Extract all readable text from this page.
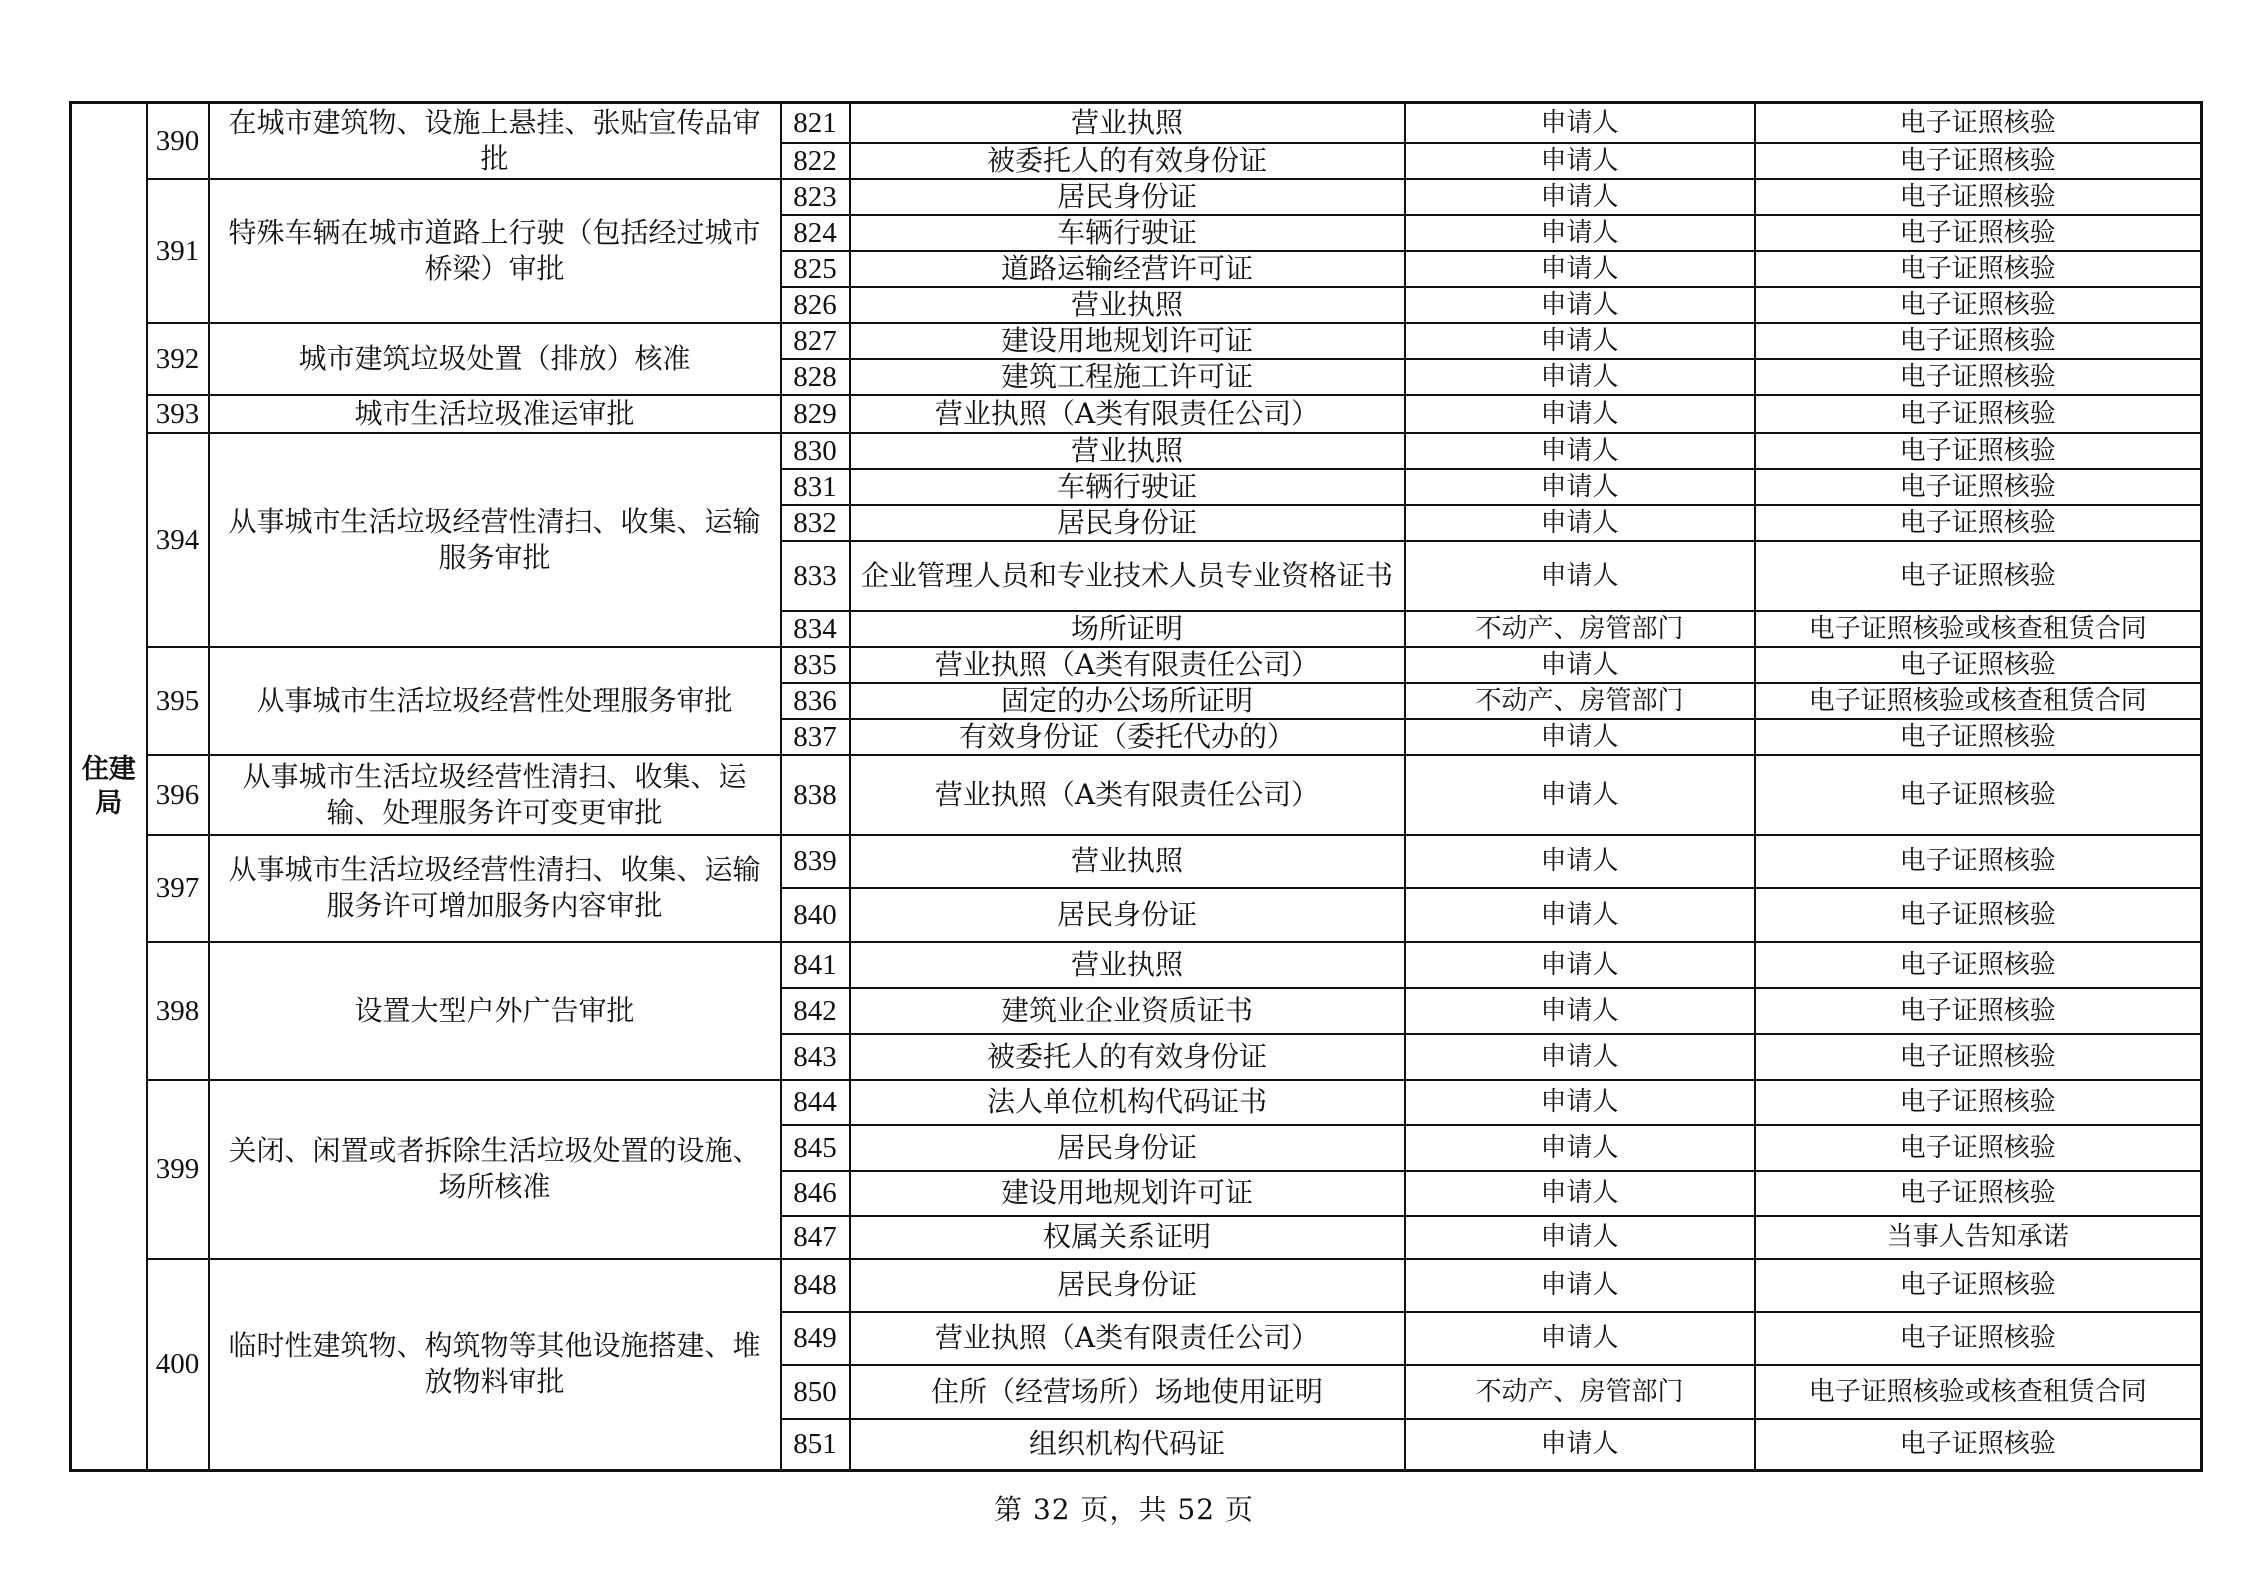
住建局	390	在城市建筑物、设施上悬挂、张贴宣传品审批	821	营业执照	申请人	电子证照核验
			822	被委托人的有效身份证	申请人	电子证照核验
	391	特殊车辆在城市道路上行驶（包括经过城市桥梁）审批	823	居民身份证	申请人	电子证照核验
			824	车辆行驶证	申请人	电子证照核验
			825	道路运输经营许可证	申请人	电子证照核验
			826	营业执照	申请人	电子证照核验
	392	城市建筑垃圾处置（排放）核准	827	建设用地规划许可证	申请人	电子证照核验
			828	建筑工程施工许可证	申请人	电子证照核验
	393	城市生活垃圾准运审批	829	营业执照（A类有限责任公司）	申请人	电子证照核验
	394	从事城市生活垃圾经营性清扫、收集、运输服务审批	830	营业执照	申请人	电子证照核验
			831	车辆行驶证	申请人	电子证照核验
			832	居民身份证	申请人	电子证照核验
			833	企业管理人员和专业技术人员专业资格证书	申请人	电子证照核验
			834	场所证明	不动产、房管部门	电子证照核验或核查租赁合同
	395	从事城市生活垃圾经营性处理服务审批	835	营业执照（A类有限责任公司）	申请人	电子证照核验
			836	固定的办公场所证明	不动产、房管部门	电子证照核验或核查租赁合同
			837	有效身份证（委托代办的）	申请人	电子证照核验
	396	从事城市生活垃圾经营性清扫、收集、运输、处理服务许可变更审批	838	营业执照（A类有限责任公司）	申请人	电子证照核验
	397	从事城市生活垃圾经营性清扫、收集、运输服务许可增加服务内容审批	839	营业执照	申请人	电子证照核验
			840	居民身份证	申请人	电子证照核验
	398	设置大型户外广告审批	841	营业执照	申请人	电子证照核验
			842	建筑业企业资质证书	申请人	电子证照核验
			843	被委托人的有效身份证	申请人	电子证照核验
	399	关闭、闲置或者拆除生活垃圾处置的设施、场所核准	844	法人单位机构代码证书	申请人	电子证照核验
			845	居民身份证	申请人	电子证照核验
			846	建设用地规划许可证	申请人	电子证照核验
			847	权属关系证明	申请人	当事人告知承诺
	400	临时性建筑物、构筑物等其他设施搭建、堆放物料审批	848	居民身份证	申请人	电子证照核验
			849	营业执照（A类有限责任公司）	申请人	电子证照核验
			850	住所（经营场所）场地使用证明	不动产、房管部门	电子证照核验或核查租赁合同
			851	组织机构代码证	申请人	电子证照核验
第 32 页，共 52 页
